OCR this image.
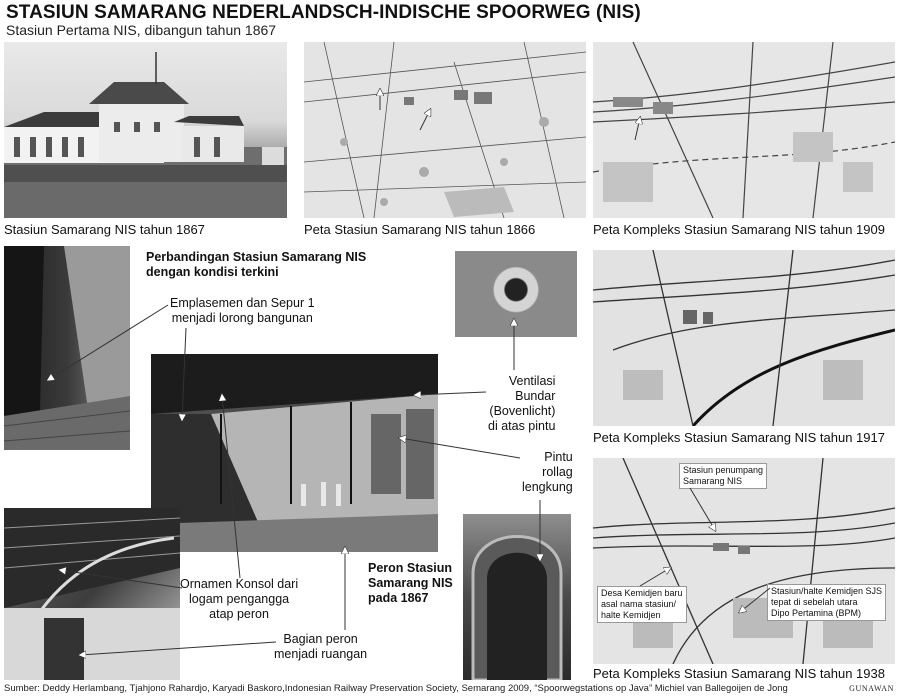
STASIUN SAMARANG NEDERLANDSCH-INDISCHE SPOORWEG (NIS)
Stasiun Pertama NIS, dibangun tahun 1867
Stasiun Samarang NIS tahun 1867	Peta Stasiun Samarang NIS tahun 1866	Peta Kompleks Stasiun Samarang NIS tahun 1909
Perbandingan Stasiun Samarang NIS
dengan kondisi terkini
Emplasemen dan Sepur 1
menjadi lorong bangunan
Peta Kompleks Stasiun Samarang NIS tahun 1917
Ventilasi
Bundar
(Bovenlicht)
di atas pintu
Pintu
rollag
lengkung
Peron Stasiun
Samarang NIS
pada 1867
Ornamen Konsol dari
logam pengangga
atap peron
Bagian peron
menjadi ruangan
Stasiun penumpang
Samarang NIS
Desa Kemidjen baru
asal nama stasiun/
halte Kemidjen
Stasiun/halte Kemidjen SJS
tepat di sebelah utara
Dipo Pertamina (BPM)
Peta Kompleks Stasiun Samarang NIS tahun 1938
Sumber: Deddy Herlambang, Tjahjono Rahardjo, Karyadi Baskoro,Indonesian Railway Preservation Society, Semarang 2009, “Spoorwegstations op Java” Michiel van Ballegoijen de Jong	GUNAWAN
